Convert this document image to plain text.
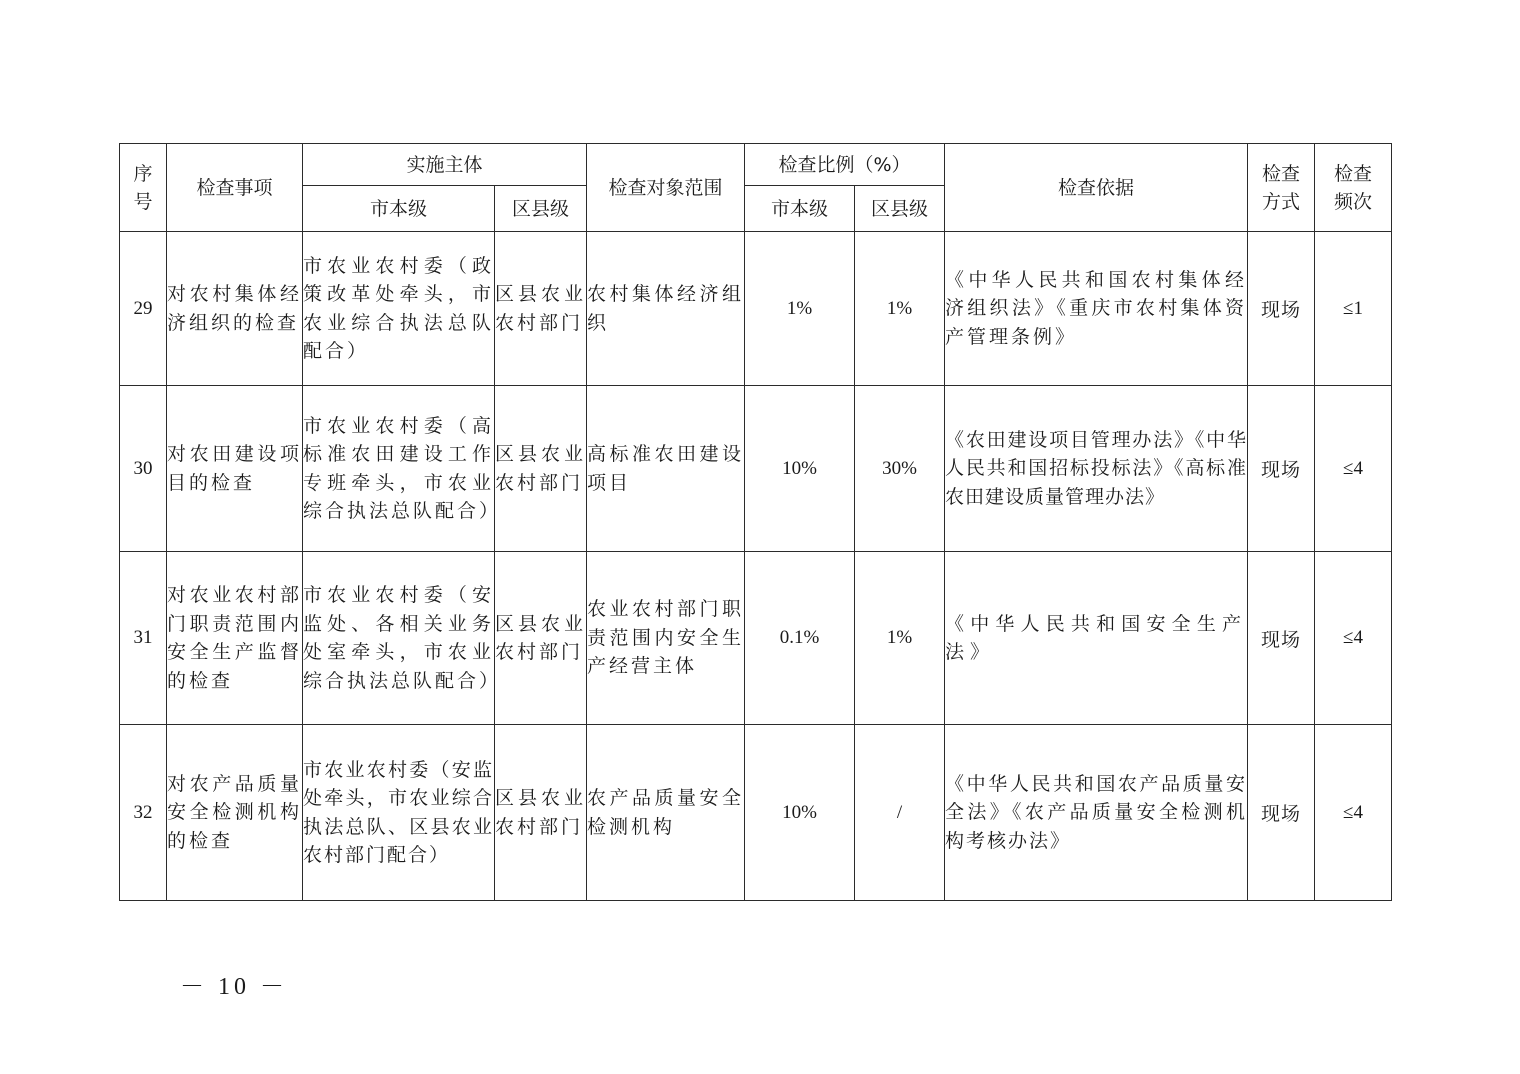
序号	检查事项	实施主体		检查对象范围	检查比例（%）		检查依据	检查方式	检查频次
		市本级	区县级		市本级	区县级			
29	对农村集体经济组织的检查	市农业农村委（政策改革处牵头，市农业综合执法总队配合）	区县农业农村部门	农村集体经济组织	1%	1%	《中华人民共和国农村集体经济组织法》《重庆市农村集体资产管理条例》	现场	≤1
30	对农田建设项目的检查	市农业农村委（高标准农田建设工作专班牵头，市农业综合执法总队配合）	区县农业农村部门	高标准农田建设项目	10%	30%	《农田建设项目管理办法》《中华人民共和国招标投标法》《高标准农田建设质量管理办法》	现场	≤4
31	对农业农村部门职责范围内安全生产监督的检查	市农业农村委（安监处、各相关业务处室牵头，市农业综合执法总队配合）	区县农业农村部门	农业农村部门职责范围内安全生产经营主体	0.1%	1%	《中华人民共和国安全生产法》	现场	≤4
32	对农产品质量安全检测机构的检查	市农业农村委（安监处牵头，市农业综合执法总队、区县农业农村部门配合）	区县农业农村部门	农产品质量安全检测机构	10%	/	《中华人民共和国农产品质量安全法》《农产品质量安全检测机构考核办法》	现场	≤4
－ 10 －
